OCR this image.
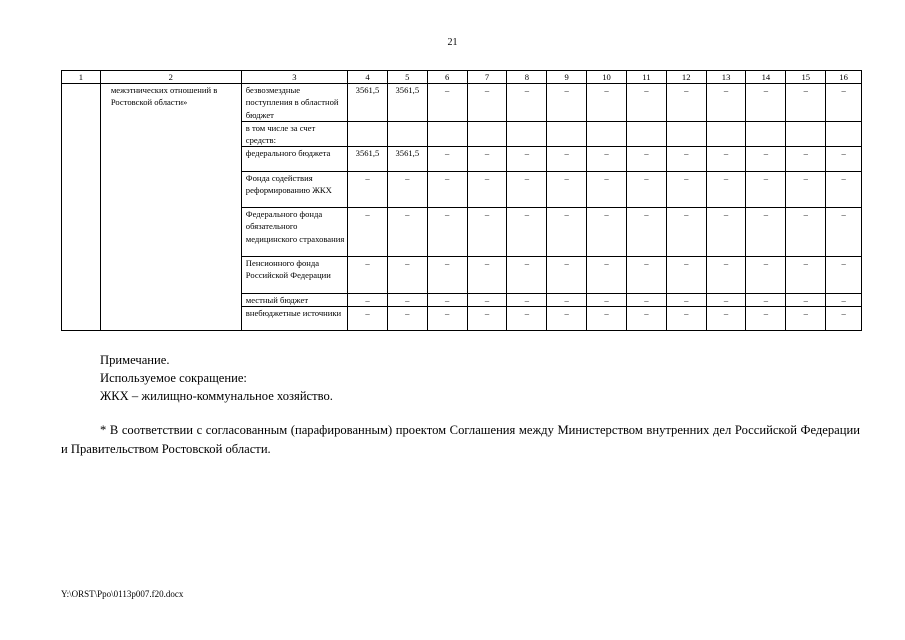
21
1	2	3	4	5	6	7	8	9	10	11	12	13	14	15	16
	межэтнических отношений в Ростовской области»	безвозмездные поступления в областной бюджет	3561,5	3561,5	–	–	–	–	–	–	–	–	–	–	–
		в том числе за счет средств:													
		федерального бюджета	3561,5	3561,5	–	–	–	–	–	–	–	–	–	–	–
		Фонда содействия реформированию ЖКХ	–	–	–	–	–	–	–	–	–	–	–	–	–
		Федерального фонда обязательного медицинского страхования	–	–	–	–	–	–	–	–	–	–	–	–	–
		Пенсионного фонда Российской Федерации	–	–	–	–	–	–	–	–	–	–	–	–	–
		местный бюджет	–	–	–	–	–	–	–	–	–	–	–	–	–
		внебюджетные источники	–	–	–	–	–	–	–	–	–	–	–	–	–
Примечание.
Используемое сокращение:
ЖКХ – жилищно-коммунальное хозяйство.
* В соответствии с согласованным (парафированным) проектом Соглашения между Министерством внутренних дел Российской Федерации и Правительством Ростовской области.
Y:\ORST\Ppo\0113p007.f20.docx
